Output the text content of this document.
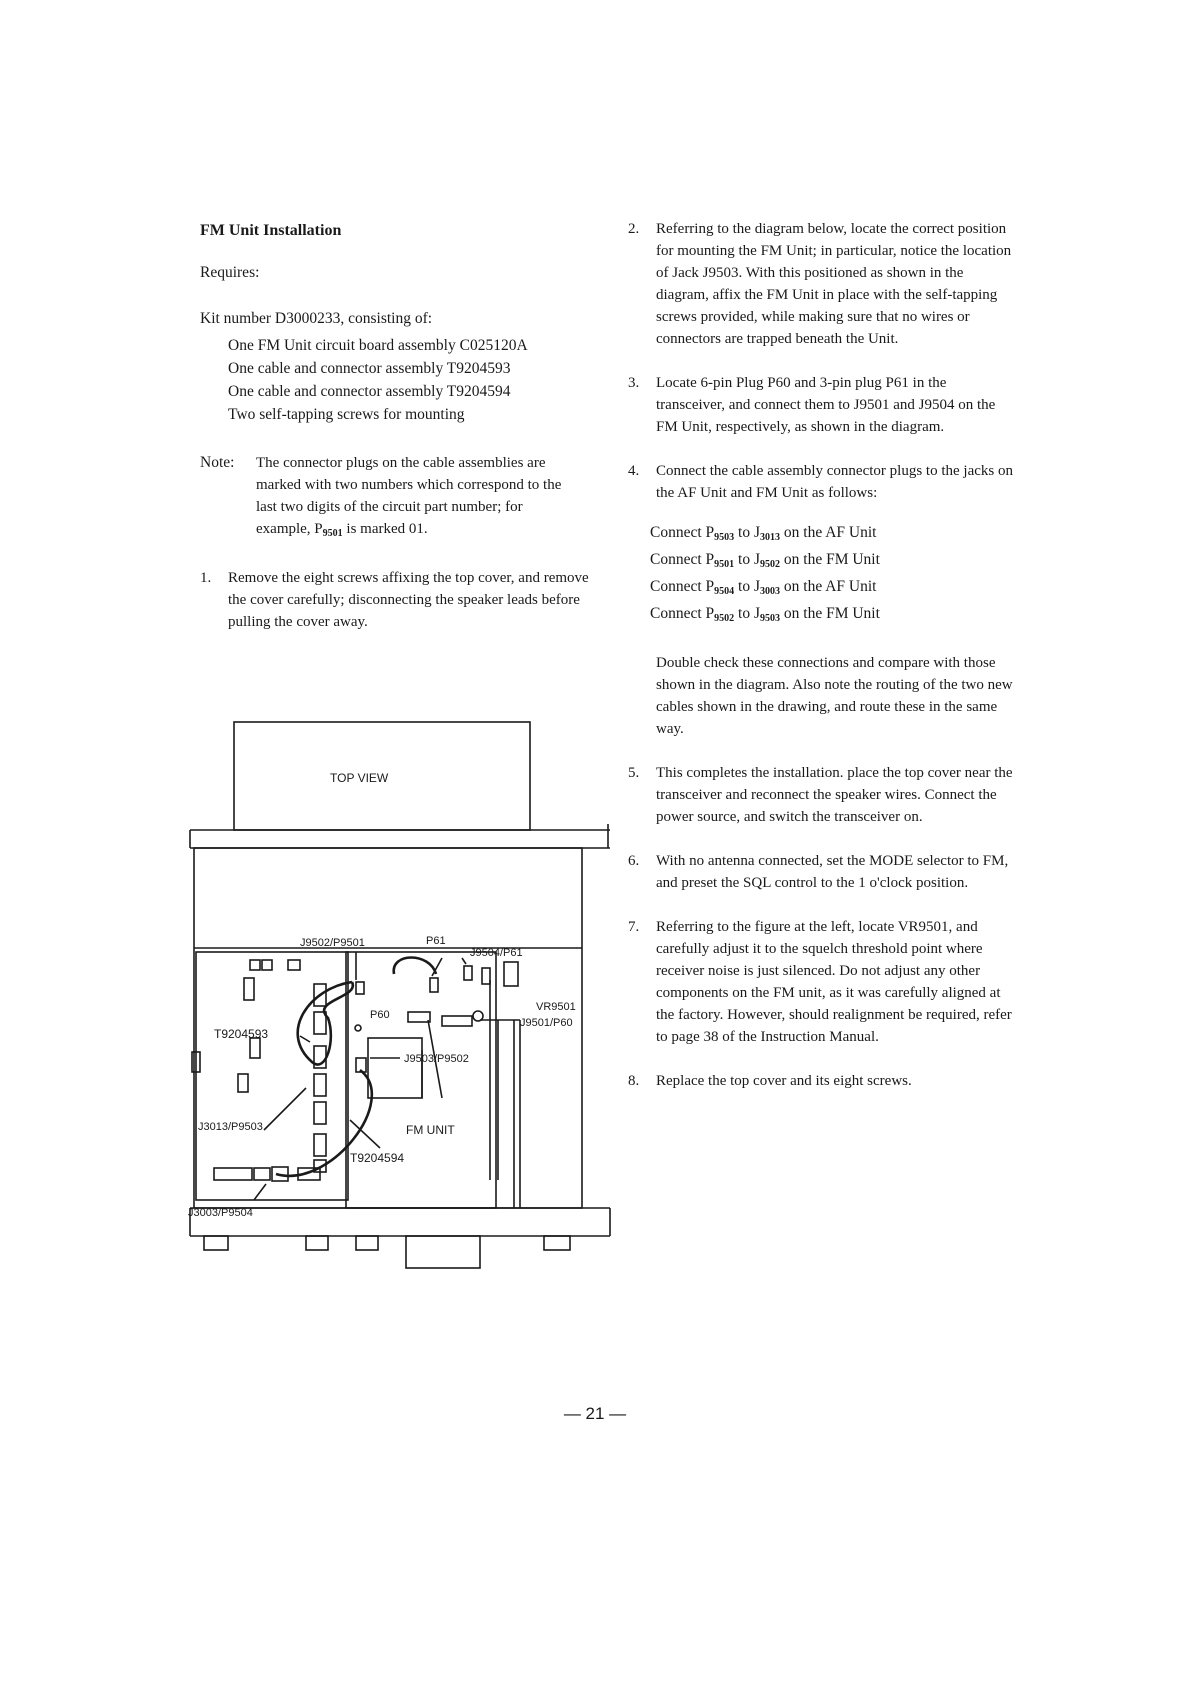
FM Unit Installation

Requires:

Kit number D3000233, consisting of:

One FM Unit circuit board assembly C025120A
One cable and connector assembly T9204593
One cable and connector assembly T9204594
Two self-tapping screws for mounting
Note:	The connector plugs on the cable assemblies are marked with two numbers which correspond to the last two digits of the circuit part number; for example, $P_{9501}$ is marked 01.
1.	Remove the eight screws affixing the top cover, and remove the cover carefully; disconnecting the speaker leads before pulling the cover away.
2.	Referring to the diagram below, locate the correct position for mounting the FM Unit; in particular, notice the location of Jack J9503. With this positioned as shown in the diagram, affix the FM Unit in place with the self-tapping screws provided, while making sure that no wires or connectors are trapped beneath the Unit.
3.	Locate 6-pin Plug P60 and 3-pin plug P61 in the transceiver, and connect them to J9501 and J9504 on the FM Unit, respectively, as shown in the diagram.
4.	Connect the cable assembly connector plugs to the jacks on the AF Unit and FM Unit as follows:
Connect $P_{9503}$ to $J_{3013}$ on the AF Unit
Connect $P_{9501}$ to $J_{9502}$ on the FM Unit
Connect $P_{9504}$ to $J_{3003}$ on the AF Unit
Connect $P_{9502}$ to $J_{9503}$ on the FM Unit
Double check these connections and compare with those shown in the diagram. Also note the routing of the two new cables shown in the drawing, and route these in the same way.
5.	This completes the installation. place the top cover near the transceiver and reconnect the speaker wires. Connect the power source, and switch the transceiver on.
6.	With no antenna connected, set the MODE selector to FM, and preset the SQL control to the 1 o'clock position.
7.	Referring to the figure at the left, locate VR9501, and carefully adjust it to the squelch threshold point where receiver noise is just silenced. Do not adjust any other components on the FM unit, as it was carefully aligned at the factory. However, should realignment be required, refer to page 38 of the Instruction Manual.
8.	Replace the top cover and its eight screws.
TOP VIEW
J9502/P9501	P61
J9504/P61
P60
VR9501
J9501/P60
T9204593
J9503/P9502
J3013/P9503	FM UNIT
T9204594
J3003/P9504
— 21 —
